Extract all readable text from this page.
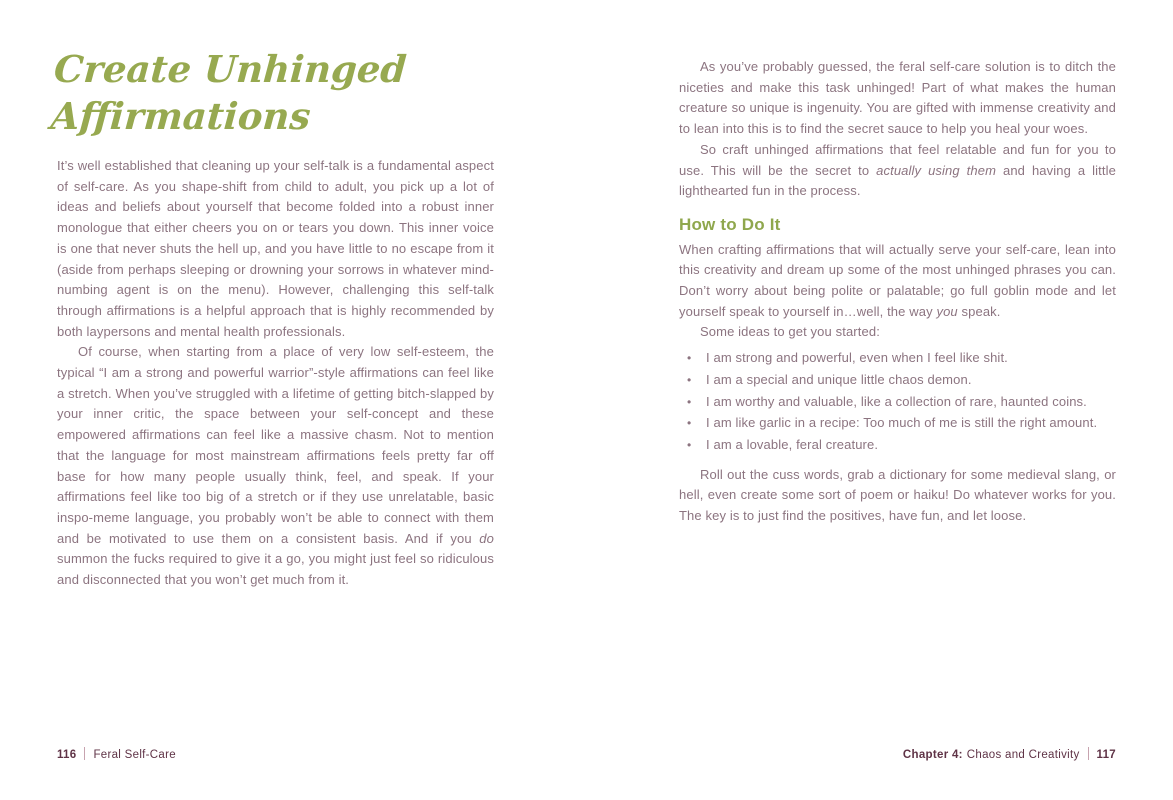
Create Unhinged
Affirmations

It’s well established that cleaning up your self-talk is a fundamental aspect of self-care. As you shape-shift from child to adult, you pick up a lot of ideas and beliefs about yourself that become folded into a robust inner monologue that either cheers you on or tears you down. This inner voice is one that never shuts the hell up, and you have little to no escape from it (aside from perhaps sleeping or drowning your sorrows in whatever mind-numbing agent is on the menu). However, challenging this self-talk through affirmations is a helpful approach that is highly recommended by both laypersons and mental health professionals.

Of course, when starting from a place of very low self-esteem, the typical “I am a strong and powerful warrior”-style affirmations can feel like a stretch. When you’ve struggled with a lifetime of getting bitch-slapped by your inner critic, the space between your self-concept and these empowered affirmations can feel like a massive chasm. Not to mention that the language for most mainstream affirmations feels pretty far off base for how many people usually think, feel, and speak. If your affirmations feel like too big of a stretch or if they use unrelatable, basic inspo-meme language, you probably won’t be able to connect with them and be motivated to use them on a consistent basis. And if you do summon the fucks required to give it a go, you might just feel so ridiculous and disconnected that you won’t get much from it.

116 Feral Self-Care

As you’ve probably guessed, the feral self-care solution is to ditch the niceties and make this task unhinged! Part of what makes the human creature so unique is ingenuity. You are gifted with immense creativity and to lean into this is to find the secret sauce to help you heal your woes.

So craft unhinged affirmations that feel relatable and fun for you to use. This will be the secret to actually using them and having a little lighthearted fun in the process.

How to Do It

When crafting affirmations that will actually serve your self-care, lean into this creativity and dream up some of the most unhinged phrases you can. Don’t worry about being polite or palatable; go full goblin mode and let yourself speak to yourself in…well, the way you speak.

Some ideas to get you started:

• I am strong and powerful, even when I feel like shit.
• I am a special and unique little chaos demon.
• I am worthy and valuable, like a collection of rare, haunted coins.
• I am like garlic in a recipe: Too much of me is still the right amount.
• I am a lovable, feral creature.

Roll out the cuss words, grab a dictionary for some medieval slang, or hell, even create some sort of poem or haiku! Do whatever works for you. The key is to just find the positives, have fun, and let loose.

Chapter 4: Chaos and Creativity 117
